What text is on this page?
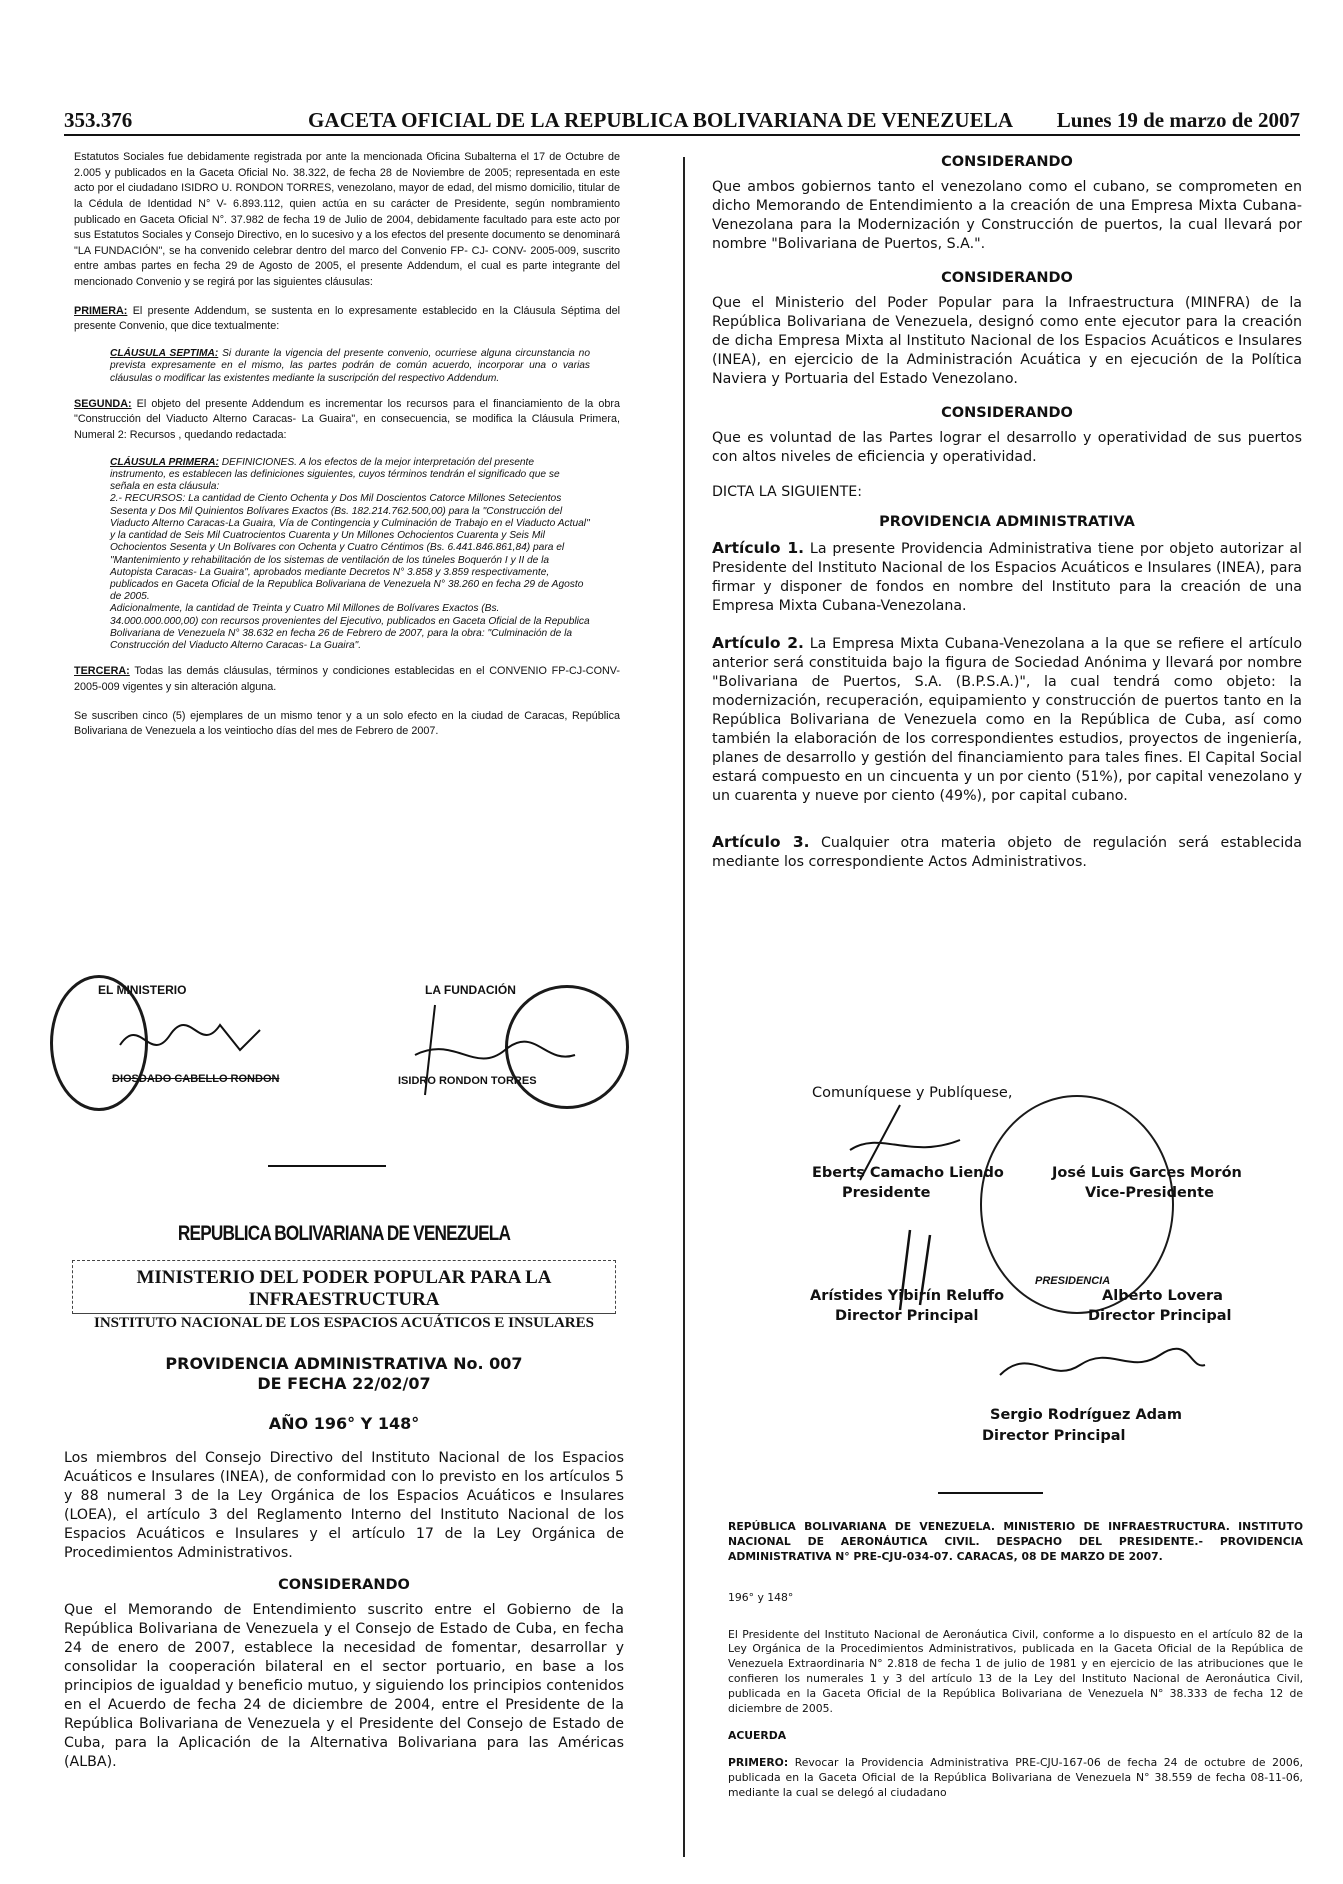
353.376	GACETA OFICIAL DE LA REPUBLICA BOLIVARIANA DE VENEZUELA Lunes 19 de marzo de 2007

Estatutos Sociales fue debidamente registrada por ante la mencionada Oficina Subalterna el 17 de Octubre de 2.005 y publicados en la Gaceta Oficial No. 38.322, de fecha 28 de Noviembre de 2005; representada en este acto por el ciudadano ISIDRO U. RONDON TORRES, venezolano, mayor de edad, del mismo domicilio, titular de la Cédula de Identidad N° V- 6.893.112, quien actúa en su carácter de Presidente, según nombramiento publicado en Gaceta Oficial N°. 37.982 de fecha 19 de Julio de 2004, debidamente facultado para este acto por sus Estatutos Sociales y Consejo Directivo, en lo sucesivo y a los efectos del presente documento se denominará "LA FUNDACIÓN", se ha convenido celebrar dentro del marco del Convenio FP- CJ- CONV- 2005-009, suscrito entre ambas partes en fecha 29 de Agosto de 2005, el presente Addendum, el cual es parte integrante del mencionado Convenio y se regirá por las siguientes cláusulas:

PRIMERA: El presente Addendum, se sustenta en lo expresamente establecido en la Cláusula Séptima del presente Convenio, que dice textualmente:

CLÁUSULA SEPTIMA: Si durante la vigencia del presente convenio, ocurriese alguna circunstancia no prevista expresamente en el mismo, las partes podrán de común acuerdo, incorporar una o varias cláusulas o modificar las existentes mediante la suscripción del respectivo Addendum.

SEGUNDA: El objeto del presente Addendum es incrementar los recursos para el financiamiento de la obra "Construcción del Viaducto Alterno Caracas- La Guaira", en consecuencia, se modifica la Cláusula Primera, Numeral 2: Recursos , quedando redactada:

CLÁUSULA PRIMERA: DEFINICIONES. A los efectos de la mejor interpretación del presente instrumento, es establecen las definiciones siguientes, cuyos términos tendrán el significado que se señala en esta cláusula:
2.- RECURSOS: La cantidad de Ciento Ochenta y Dos Mil Doscientos Catorce Millones Setecientos Sesenta y Dos Mil Quinientos Bolívares Exactos (Bs. 182.214.762.500,00) para la "Construcción del Viaducto Alterno Caracas-La Guaira, Vía de Contingencia y Culminación de Trabajo en el Viaducto Actual" y la cantidad de Seis Mil Cuatrocientos Cuarenta y Un Millones Ochocientos Cuarenta y Seis Mil Ochocientos Sesenta y Un Bolívares con Ochenta y Cuatro Céntimos (Bs. 6.441.846.861,84) para el "Mantenimiento y rehabilitación de los sistemas de ventilación de los túneles Boquerón I y II de la Autopista Caracas- La Guaira", aprobados mediante Decretos N° 3.858 y 3.859 respectivamente, publicados en Gaceta Oficial de la Republica Bolivariana de Venezuela N° 38.260 en fecha 29 de Agosto de 2005.
Adicionalmente, la cantidad de Treinta y Cuatro Mil Millones de Bolívares Exactos (Bs. 34.000.000.000,00) con recursos provenientes del Ejecutivo, publicados en Gaceta Oficial de la Republica Bolivariana de Venezuela N° 38.632 en fecha 26 de Febrero de 2007, para la obra: "Culminación de la Construcción del Viaducto Alterno Caracas- La Guaira".

TERCERA: Todas las demás cláusulas, términos y condiciones establecidas en el CONVENIO FP-CJ-CONV-2005-009 vigentes y sin alteración alguna.

Se suscriben cinco (5) ejemplares de un mismo tenor y a un solo efecto en la ciudad de Caracas, República Bolivariana de Venezuela a los veintiocho días del mes de Febrero de 2007.

EL MINISTERIO
DIOSDADO CABELLO RONDON
LA FUNDACIÓN
ISIDRO RONDON TORRES
REPUBLICA BOLIVARIANA DE VENEZUELA
MINISTERIO DEL PODER POPULAR PARA LA INFRAESTRUCTURA
INSTITUTO NACIONAL DE LOS ESPACIOS ACUÁTICOS E INSULARES
PROVIDENCIA ADMINISTRATIVA No. 007
DE FECHA 22/02/07
AÑO 196° Y 148°

Los miembros del Consejo Directivo del Instituto Nacional de los Espacios Acuáticos e Insulares (INEA), de conformidad con lo previsto en los artículos 5 y 88 numeral 3 de la Ley Orgánica de los Espacios Acuáticos e Insulares (LOEA), el artículo 3 del Reglamento Interno del Instituto Nacional de los Espacios Acuáticos e Insulares y el artículo 17 de la Ley Orgánica de Procedimientos Administrativos.

CONSIDERANDO

Que el Memorando de Entendimiento suscrito entre el Gobierno de la República Bolivariana de Venezuela y el Consejo de Estado de Cuba, en fecha 24 de enero de 2007, establece la necesidad de fomentar, desarrollar y consolidar la cooperación bilateral en el sector portuario, en base a los principios de igualdad y beneficio mutuo, y siguiendo los principios contenidos en el Acuerdo de fecha 24 de diciembre de 2004, entre el Presidente de la República Bolivariana de Venezuela y el Presidente del Consejo de Estado de Cuba, para la Aplicación de la Alternativa Bolivariana para las Américas (ALBA).

CONSIDERANDO

Que ambos gobiernos tanto el venezolano como el cubano, se comprometen en dicho Memorando de Entendimiento a la creación de una Empresa Mixta Cubana-Venezolana para la Modernización y Construcción de puertos, la cual llevará por nombre "Bolivariana de Puertos, S.A.".

CONSIDERANDO

Que el Ministerio del Poder Popular para la Infraestructura (MINFRA) de la República Bolivariana de Venezuela, designó como ente ejecutor para la creación de dicha Empresa Mixta al Instituto Nacional de los Espacios Acuáticos e Insulares (INEA), en ejercicio de la Administración Acuática y en ejecución de la Política Naviera y Portuaria del Estado Venezolano.

CONSIDERANDO

Que es voluntad de las Partes lograr el desarrollo y operatividad de sus puertos con altos niveles de eficiencia y operatividad.

DICTA LA SIGUIENTE:

PROVIDENCIA ADMINISTRATIVA

Artículo 1. La presente Providencia Administrativa tiene por objeto autorizar al Presidente del Instituto Nacional de los Espacios Acuáticos e Insulares (INEA), para firmar y disponer de fondos en nombre del Instituto para la creación de una Empresa Mixta Cubana-Venezolana.

Artículo 2. La Empresa Mixta Cubana-Venezolana a la que se refiere el artículo anterior será constituida bajo la figura de Sociedad Anónima y llevará por nombre "Bolivariana de Puertos, S.A. (B.P.S.A.)", la cual tendrá como objeto: la modernización, recuperación, equipamiento y construcción de puertos tanto en la República Bolivariana de Venezuela como en la República de Cuba, así como también la elaboración de los correspondientes estudios, proyectos de ingeniería, planes de desarrollo y gestión del financiamiento para tales fines. El Capital Social estará compuesto en un cincuenta y un por ciento (51%), por capital venezolano y un cuarenta y nueve por ciento (49%), por capital cubano.

Artículo 3. Cualquier otra materia objeto de regulación será establecida mediante los correspondiente Actos Administrativos.

Comuníquese y Publíquese,
PRESIDENCIA
Eberts Camacho Liendo
Presidente
José Luis Garces Morón
Vice-Presidente
Arístides Yibirín Reluffo
Director Principal
Alberto Lovera
Director Principal
Sergio Rodríguez Adam
Director Principal

REPÚBLICA BOLIVARIANA DE VENEZUELA. MINISTERIO DE INFRAESTRUCTURA. INSTITUTO NACIONAL DE AERONÁUTICA CIVIL. DESPACHO DEL PRESIDENTE.- PROVIDENCIA ADMINISTRATIVA N° PRE-CJU-034-07. CARACAS, 08 DE MARZO DE 2007.

196° y 148°

El Presidente del Instituto Nacional de Aeronáutica Civil, conforme a lo dispuesto en el artículo 82 de la Ley Orgánica de la Procedimientos Administrativos, publicada en la Gaceta Oficial de la República de Venezuela Extraordinaria N° 2.818 de fecha 1 de julio de 1981 y en ejercicio de las atribuciones que le confieren los numerales 1 y 3 del artículo 13 de la Ley del Instituto Nacional de Aeronáutica Civil, publicada en la Gaceta Oficial de la República Bolivariana de Venezuela N° 38.333 de fecha 12 de diciembre de 2005.

ACUERDA

PRIMERO: Revocar la Providencia Administrativa PRE-CJU-167-06 de fecha 24 de octubre de 2006, publicada en la Gaceta Oficial de la República Bolivariana de Venezuela N° 38.559 de fecha 08-11-06, mediante la cual se delegó al ciudadano
